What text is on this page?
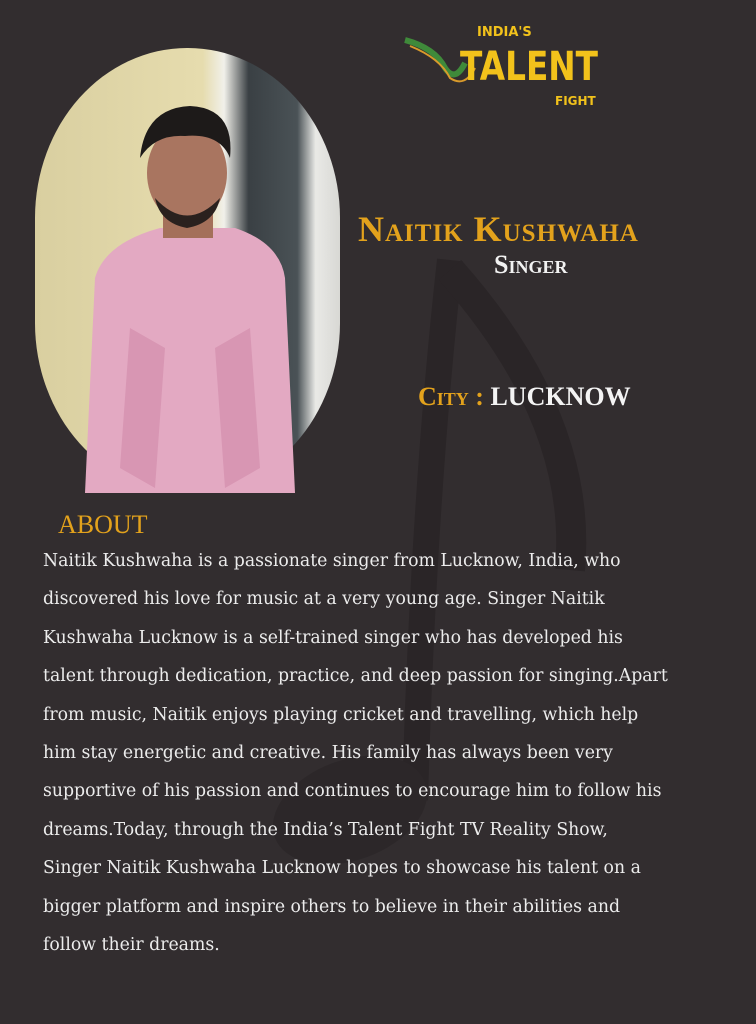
INDIA'S
TALENT
FIGHT
Naitik Kushwaha
Singer
City : LUCKNOW
ABOUT
Naitik Kushwaha is a passionate singer from Lucknow, India, who
discovered his love for music at a very young age. Singer Naitik
Kushwaha Lucknow is a self-trained singer who has developed his
talent through dedication, practice, and deep passion for singing.Apart
from music, Naitik enjoys playing cricket and travelling, which help
him stay energetic and creative. His family has always been very
supportive of his passion and continues to encourage him to follow his
dreams.Today, through the India’s Talent Fight TV Reality Show,
Singer Naitik Kushwaha Lucknow hopes to showcase his talent on a
bigger platform and inspire others to believe in their abilities and
follow their dreams.
